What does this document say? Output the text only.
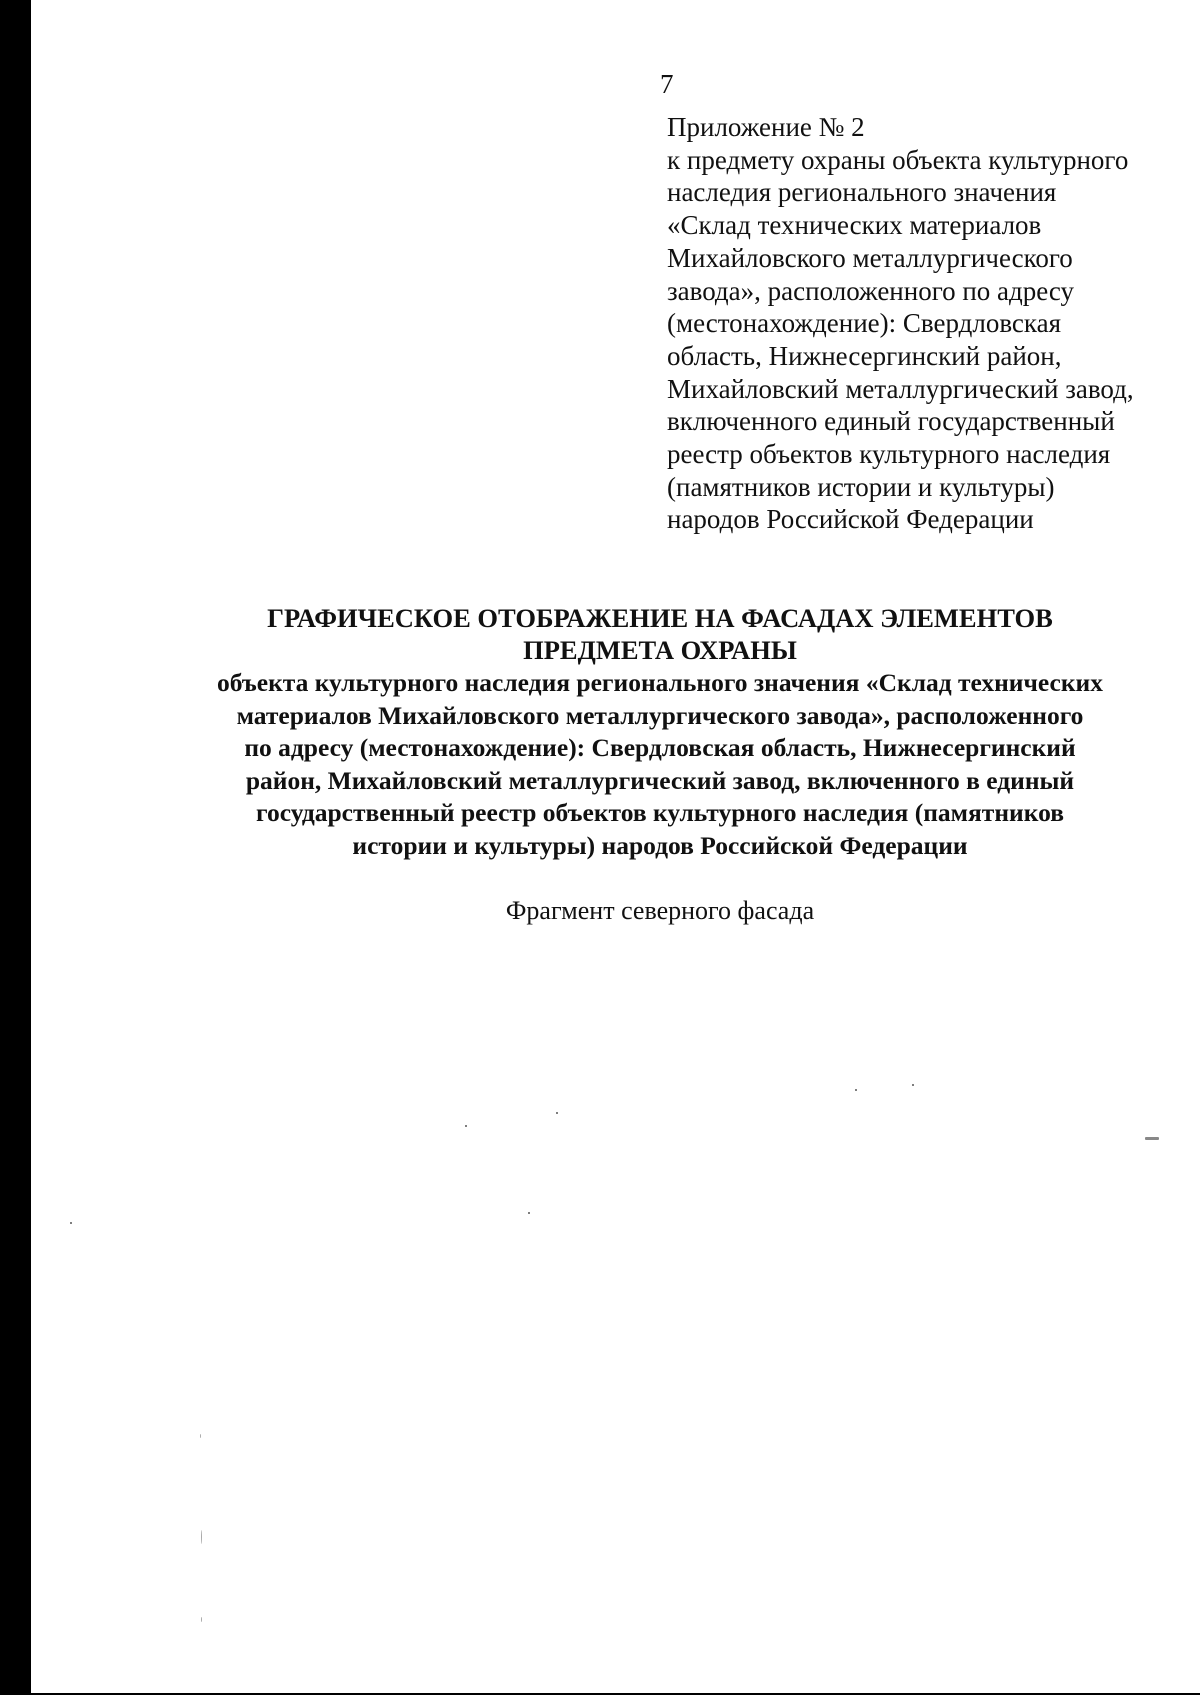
7
Приложение № 2
к предмету охраны объекта культурного
наследия регионального значения
«Склад технических материалов
Михайловского металлургического
завода», расположенного по адресу
(местонахождение): Свердловская
область, Нижнесергинский район,
Михайловский металлургический завод,
включенного единый государственный
реестр объектов культурного наследия
(памятников истории и культуры)
народов Российской Федерации
ГРАФИЧЕСКОЕ ОТОБРАЖЕНИЕ НА ФАСАДАХ ЭЛЕМЕНТОВ
ПРЕДМЕТА ОХРАНЫ
объекта культурного наследия регионального значения «Склад технических
материалов Михайловского металлургического завода», расположенного
по адресу (местонахождение): Свердловская область, Нижнесергинский
район, Михайловский металлургический завод, включенного в единый
государственный реестр объектов культурного наследия (памятников
истории и культуры) народов Российской Федерации
Фрагмент северного фасада
